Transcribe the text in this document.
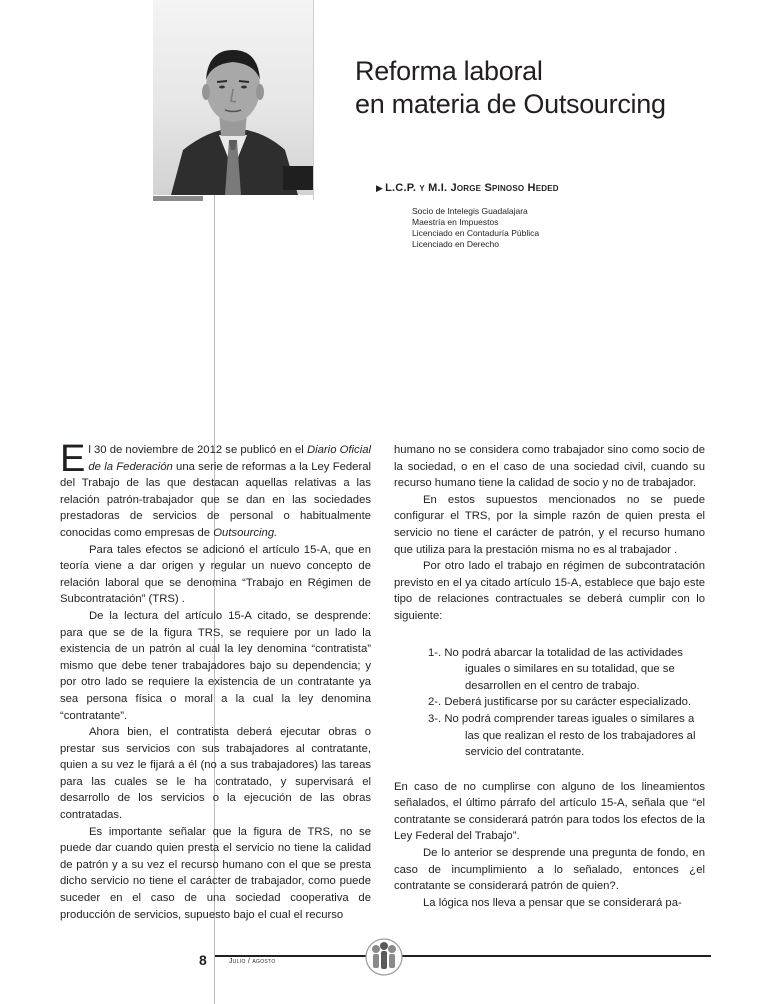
Reforma laboral
en materia de Outsourcing
▶ L.C.P. y M.I. Jorge Spinoso Heded
Socio de Intelegis Guadalajara
Maestría en Impuestos
Licenciado en Contaduría Pública
Licenciado en Derecho

El 30 de noviembre de 2012 se publicó en el Diario Oficial de la Federación una serie de reformas a la Ley Federal del Trabajo de las que destacan aquellas relativas a las relación patrón-trabajador que se dan en las sociedades prestadoras de servicios de personal o habitualmente conocidas como empresas de Outsourcing.

Para tales efectos se adicionó el artículo 15-A, que en teoría viene a dar origen y regular un nuevo concepto de relación laboral que se denomina “Trabajo en Régimen de Subcontratación” (TRS) .

De la lectura del artículo 15-A citado, se desprende: para que se de la figura TRS, se requiere por un lado la existencia de un patrón al cual la ley denomina “contratista” mismo que debe tener trabajadores bajo su dependencia; y por otro lado se requiere la existencia de un contratante ya sea persona física o moral a la cual la ley denomina “contratante”.

Ahora bien, el contratista deberá ejecutar obras o prestar sus servicios con sus trabajadores al contratante, quien a su vez le fijará a él (no a sus trabajadores) las tareas para las cuales se le ha contratado, y supervisará el desarrollo de los servicios o la ejecución de las obras contratadas.

Es importante señalar que la figura de TRS, no se puede dar cuando quien presta el servicio no tiene la calidad de patrón y a su vez el recurso humano con el que se presta dicho servicio no tiene el carácter de trabajador, como puede suceder en el caso de una sociedad cooperativa de producción de servicios, supuesto bajo el cual el recurso

humano no se considera como trabajador sino como socio de la sociedad, o en el caso de una sociedad civil, cuando su recurso humano tiene la calidad de socio y no de trabajador.

En estos supuestos mencionados no se puede configurar el TRS, por la simple razón de quien presta el servicio no tiene el carácter de patrón, y el recurso humano que utiliza para la prestación misma no es al trabajador .

Por otro lado el trabajo en régimen de subcontratación previsto en el ya citado artículo 15-A, establece que bajo este tipo de relaciones contractuales se deberá cumplir con lo siguiente:

1-. No podrá abarcar la totalidad de las actividades iguales o similares en su totalidad, que se desarrollen en el centro de trabajo.

2-. Deberá justificarse por su carácter especializado.

3-. No podrá comprender tareas iguales o similares a las que realizan el resto de los trabajadores al servicio del contratante.

En caso de no cumplirse con alguno de los lineamientos señalados, el último párrafo del artículo 15-A, señala que “el contratante se considerará patrón para todos los efectos de la Ley Federal del Trabajo”.

De lo anterior se desprende una pregunta de fondo, en caso de incumplimiento a lo señalado, entonces ¿el contratante se considerará patrón de quien?.

La lógica nos lleva a pensar que se considerará pa-

8	Julio / agosto
